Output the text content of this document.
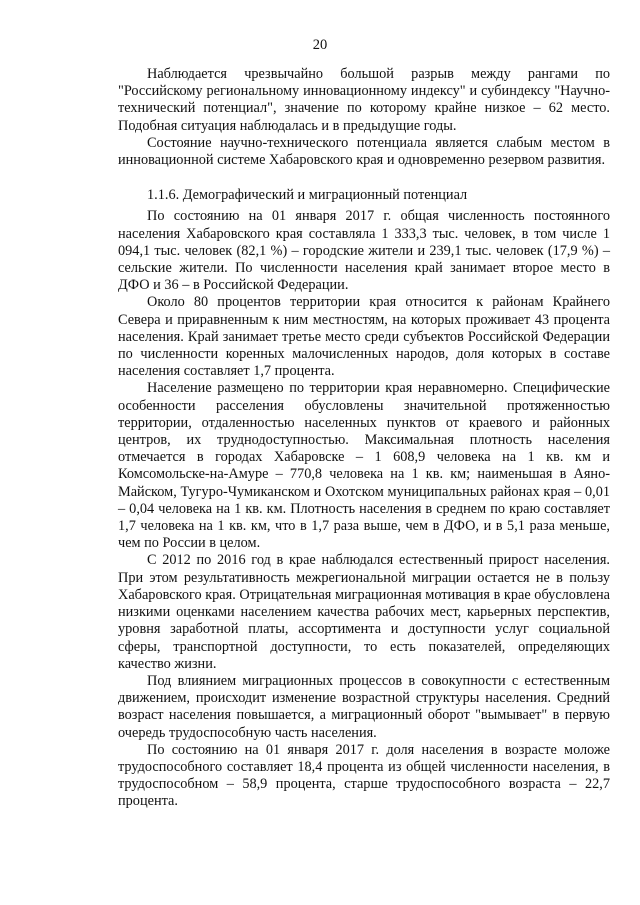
20

Наблюдается чрезвычайно большой разрыв между рангами по "Российскому региональному инновационному индексу" и субиндексу "Научно-технический потенциал", значение по которому крайне низкое – 62 место. Подобная ситуация наблюдалась и в предыдущие годы.

Состояние научно-технического потенциала является слабым местом в инновационной системе Хабаровского края и одновременно резервом развития.

1.1.6. Демографический и миграционный потенциал

По состоянию на 01 января 2017 г. общая численность постоянного населения Хабаровского края составляла 1 333,3 тыс. человек, в том числе 1 094,1 тыс. человек (82,1 %) – городские жители и 239,1 тыс. человек (17,9 %) – сельские жители. По численности населения край занимает второе место в ДФО и 36 – в Российской Федерации.

Около 80 процентов территории края относится к районам Крайнего Севера и приравненным к ним местностям, на которых проживает 43 процента населения. Край занимает третье место среди субъектов Российской Федерации по численности коренных малочисленных народов, доля которых в составе населения составляет 1,7 процента.

Население размещено по территории края неравномерно. Специфические особенности расселения обусловлены значительной протяженностью территории, отдаленностью населенных пунктов от краевого и районных центров, их труднодоступностью. Максимальная плотность населения отмечается в городах Хабаровске – 1 608,9 человека на 1 кв. км и Комсомольске-на-Амуре – 770,8 человека на 1 кв. км; наименьшая в Аяно-Майском, Тугуро-Чумиканском и Охотском муниципальных районах края – 0,01 – 0,04 человека на 1 кв. км. Плотность населения в среднем по краю составляет 1,7 человека на 1 кв. км, что в 1,7 раза выше, чем в ДФО, и в 5,1 раза меньше, чем по России в целом.

С 2012 по 2016 год в крае наблюдался естественный прирост населения. При этом результативность межрегиональной миграции остается не в пользу Хабаровского края. Отрицательная миграционная мотивация в крае обусловлена низкими оценками населением качества рабочих мест, карьерных перспектив, уровня заработной платы, ассортимента и доступности услуг социальной сферы, транспортной доступности, то есть показателей, определяющих качество жизни.

Под влиянием миграционных процессов в совокупности с естественным движением, происходит изменение возрастной структуры населения. Средний возраст населения повышается, а миграционный оборот "вымывает" в первую очередь трудоспособную часть населения.

По состоянию на 01 января 2017 г. доля населения в возрасте моложе трудоспособного составляет 18,4 процента из общей численности населения, в трудоспособном – 58,9 процента, старше трудоспособного возраста – 22,7 процента.
